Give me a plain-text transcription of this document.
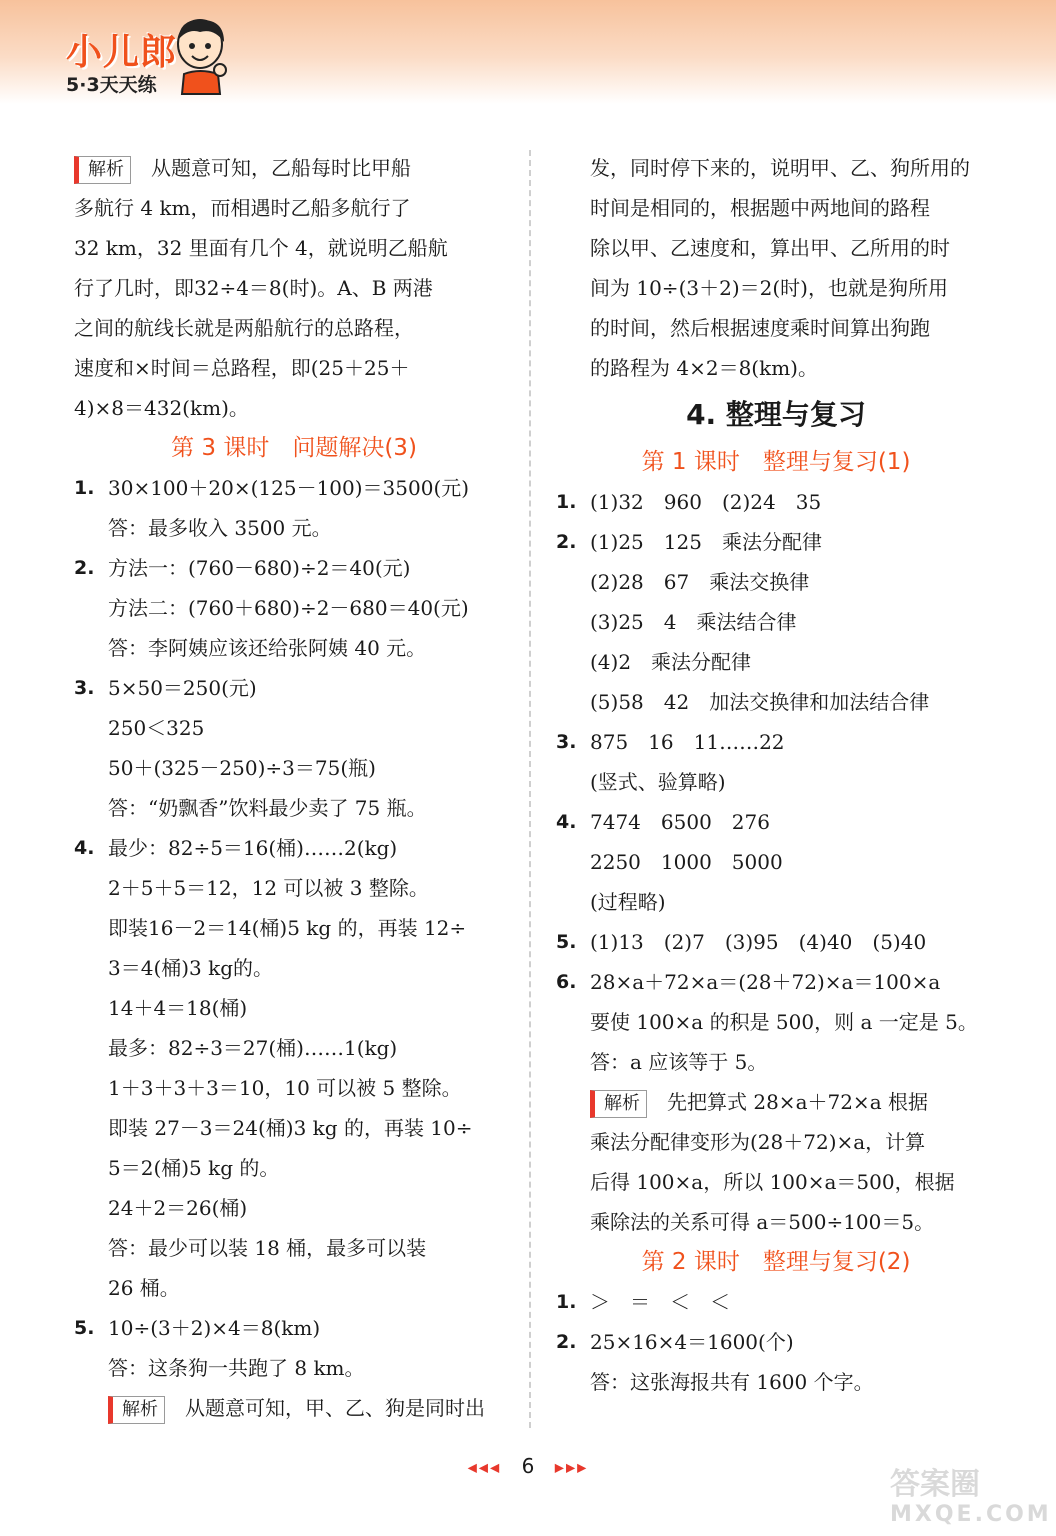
小儿郎
5·3天天练
解析 从题意可知，乙船每时比甲船
多航行 4 km，而相遇时乙船多航行了
32 km，32 里面有几个 4，就说明乙船航
行了几时，即32÷4＝8(时)。A、B 两港
之间的航线长就是两船航行的总路程，
速度和×时间＝总路程，即(25＋25＋
4)×8＝432(km)。
第 3 课时　问题解决(3)
1. 30×100＋20×(125－100)＝3500(元)
答：最多收入 3500 元。
2. 方法一：(760－680)÷2＝40(元)
方法二：(760＋680)÷2－680＝40(元)
答：李阿姨应该还给张阿姨 40 元。
3. 5×50＝250(元)
250＜325
50＋(325－250)÷3＝75(瓶)
答：“奶飘香”饮料最少卖了 75 瓶。
4. 最少：82÷5＝16(桶)……2(kg)
2＋5＋5＝12，12 可以被 3 整除。
即装16－2＝14(桶)5 kg 的，再装 12÷
3＝4(桶)3 kg的。
14＋4＝18(桶)
最多：82÷3＝27(桶)……1(kg)
1＋3＋3＋3＝10，10 可以被 5 整除。
即装 27－3＝24(桶)3 kg 的，再装 10÷
5＝2(桶)5 kg 的。
24＋2＝26(桶)
答：最少可以装 18 桶，最多可以装
26 桶。
5. 10÷(3＋2)×4＝8(km)
答：这条狗一共跑了 8 km。
解析 从题意可知，甲、乙、狗是同时出
发，同时停下来的，说明甲、乙、狗所用的
时间是相同的，根据题中两地间的路程
除以甲、乙速度和，算出甲、乙所用的时
间为 10÷(3＋2)＝2(时)，也就是狗所用
的时间，然后根据速度乘时间算出狗跑
的路程为 4×2＝8(km)。
4. 整理与复习
第 1 课时　整理与复习(1)
1. (1)32　960　(2)24　35
2. (1)25　125　乘法分配律
(2)28　67　乘法交换律
(3)25　4　乘法结合律
(4)2　乘法分配律
(5)58　42　加法交换律和加法结合律
3. 875　16　11……22
(竖式、验算略)
4. 7474　6500　276
2250　1000　5000
(过程略)
5. (1)13　(2)7　(3)95　(4)40　(5)40
6. 28×a＋72×a＝(28＋72)×a＝100×a
要使 100×a 的积是 500，则 a 一定是 5。
答：a 应该等于 5。
解析 先把算式 28×a＋72×a 根据
乘法分配律变形为(28＋72)×a，计算
后得 100×a，所以 100×a＝500，根据
乘除法的关系可得 a＝500÷100＝5。
第 2 课时　整理与复习(2)
1. ＞　＝　＜　＜
2. 25×16×4＝1600(个)
答：这张海报共有 1600 个字。
◀◀◀ 6 ▶▶▶	答案圈
MXQE.COM
